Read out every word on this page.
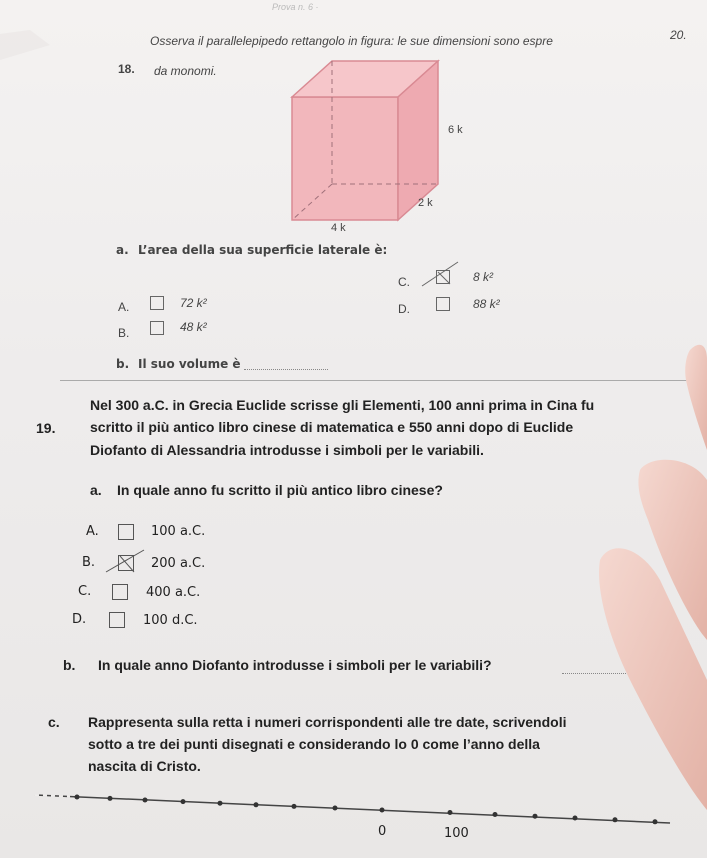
Prova n. 6 ·
20.
18.
Osserva il parallelepipedo rettangolo in figura: le sue dimensioni sono espre
da monomi.
6 k
2 k
4 k
a. L’area della sua superficie laterale è:
A.	72 k²
B.	48 k²
C.	8 k²
D.	88 k²
b. Il suo volume è
19.
Nel 300 a.C. in Grecia Euclide scrisse gli Elementi, 100 anni prima in Cina fu
scritto il più antico libro cinese di matematica e 550 anni dopo di Euclide
Diofanto di Alessandria introdusse i simboli per le variabili.
a. In quale anno fu scritto il più antico libro cinese?
A.	100 a.C.
B.	200 a.C.
C.	400 a.C.
D.	100 d.C.
b. In quale anno Diofanto introdusse i simboli per le variabili?
c. Rappresenta sulla retta i numeri corrispondenti alle tre date, scrivendoli
sotto a tre dei punti disegnati e considerando lo 0 come l’anno della
nascita di Cristo.
0	100
